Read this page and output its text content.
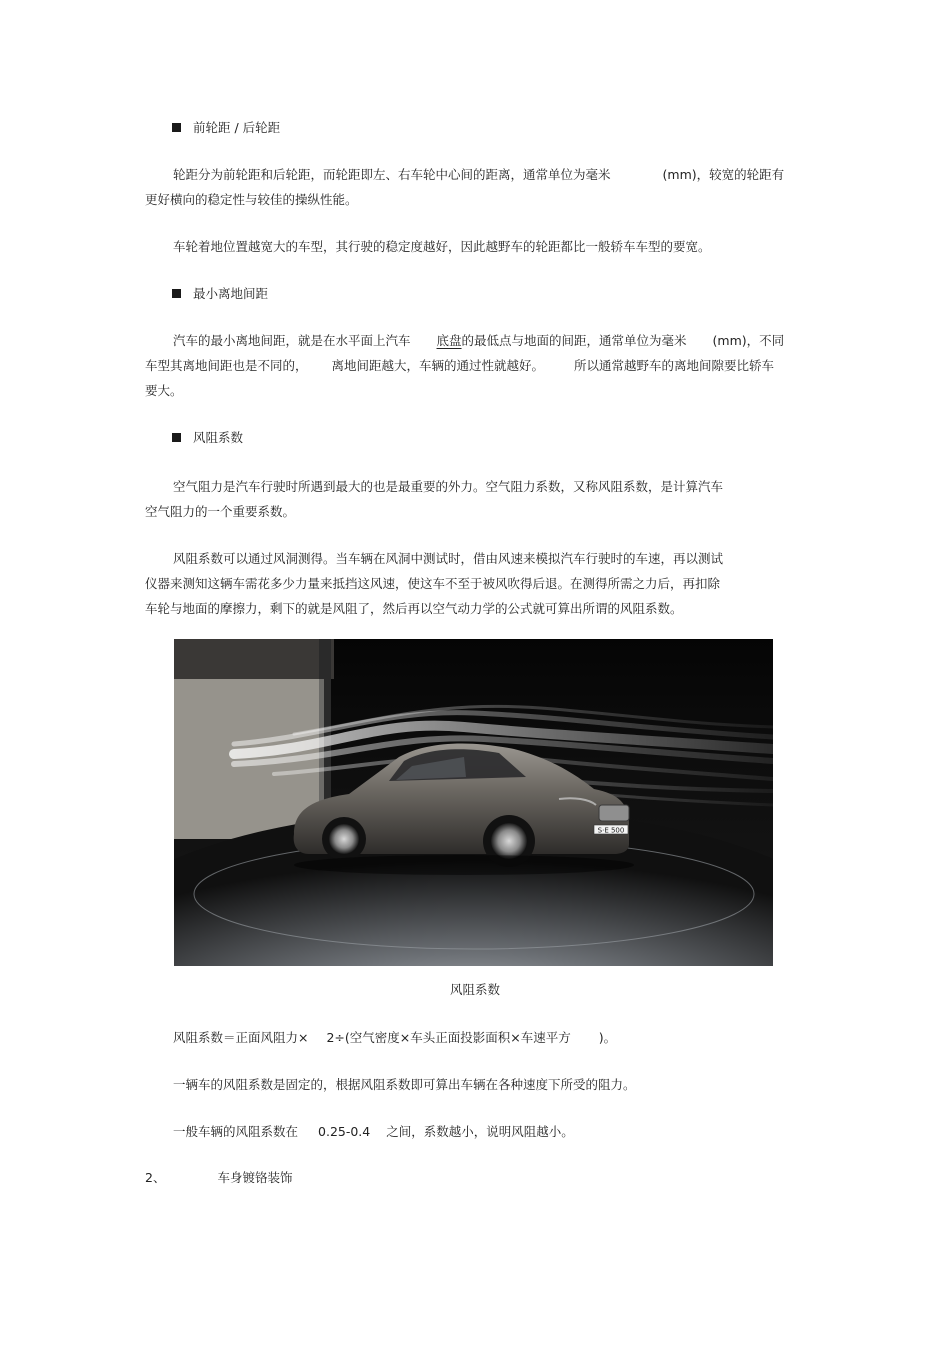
前轮距 / 后轮距
轮距分为前轮距和后轮距，而轮距即左、右车轮中心间的距离，通常单位为毫米	(mm)，较宽的轮距有
更好横向的稳定性与较佳的操纵性能。
车轮着地位置越宽大的车型，其行驶的稳定度越好，因此越野车的轮距都比一般轿车车型的要宽。
最小离地间距
汽车的最小离地间距，就是在水平面上汽车 底盘的最低点与地面的间距，通常单位为毫米 (mm)，不同
车型其离地间距也是不同的， 离地间距越大，车辆的通过性就越好。 所以通常越野车的离地间隙要比轿车
要大。
风阻系数
空气阻力是汽车行驶时所遇到最大的也是最重要的外力。空气阻力系数，又称风阻系数，是计算汽车
空气阻力的一个重要系数。
风阻系数可以通过风洞测得。当车辆在风洞中测试时，借由风速来模拟汽车行驶时的车速，再以测试
仪器来测知这辆车需花多少力量来抵挡这风速，使这车不至于被风吹得后退。在测得所需之力后，再扣除
车轮与地面的摩擦力，剩下的就是风阻了，然后再以空气动力学的公式就可算出所谓的风阻系数。
S·E 500
风阻系数
风阻系数＝正面风阻力× 2÷(空气密度×车头正面投影面积×车速平方 )。
一辆车的风阻系数是固定的，根据风阻系数即可算出车辆在各种速度下所受的阻力。
一般车辆的风阻系数在 0.25-0.4 之间，系数越小，说明风阻越小。
2、	车身镀铬装饰
